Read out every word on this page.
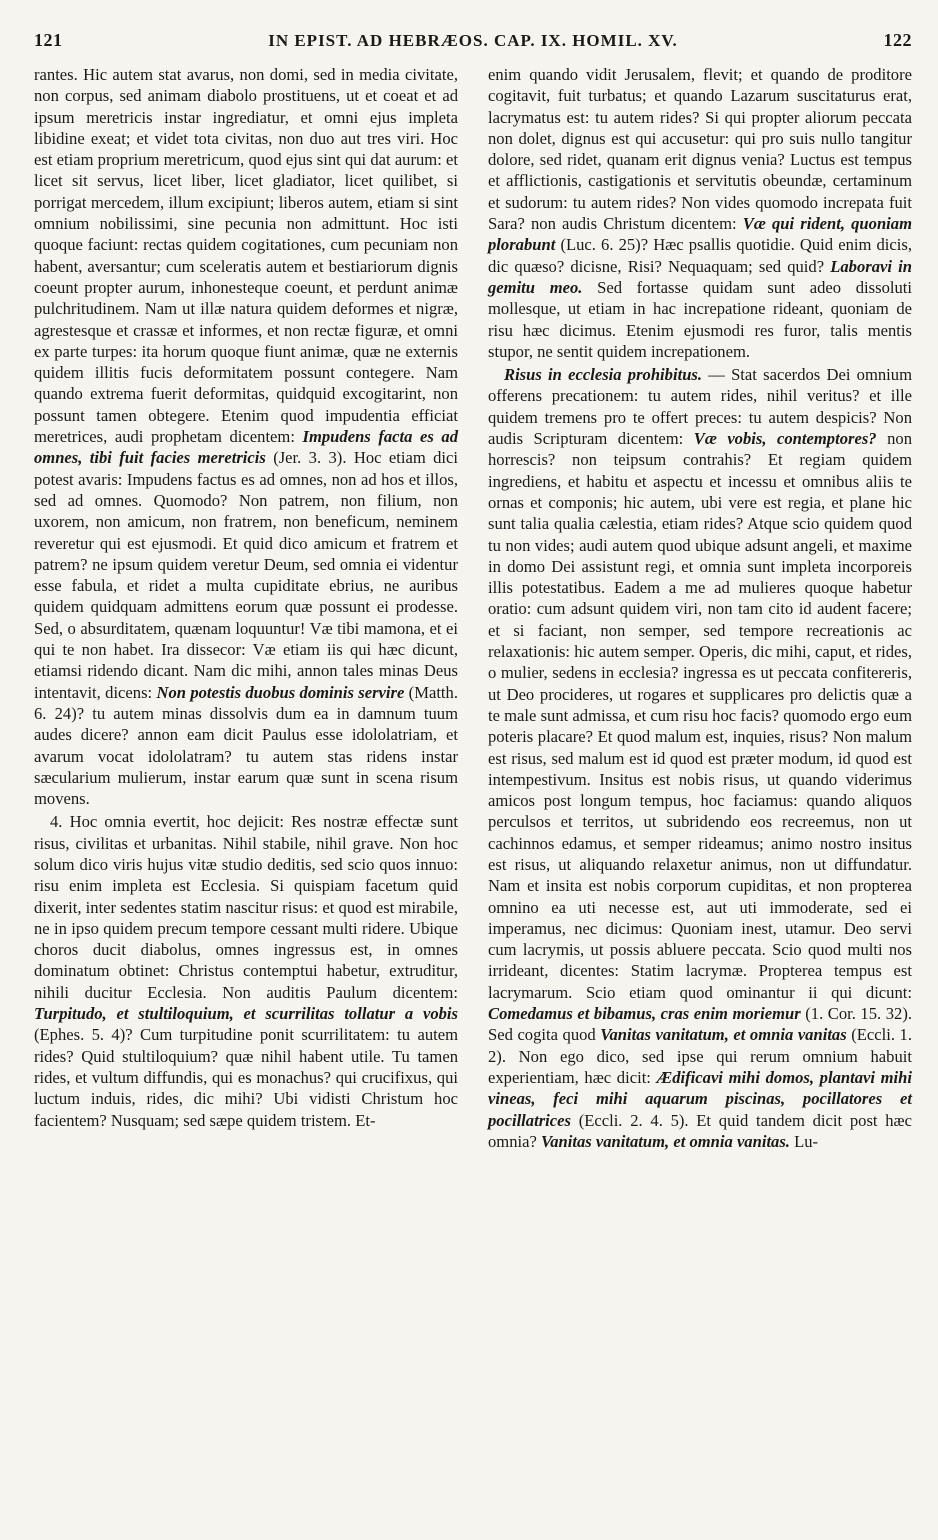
121	IN EPIST. AD HEBRÆOS. CAP. IX. HOMIL. XV.	122

rantes. Hic autem stat avarus, non domi, sed in media civitate, non corpus, sed animam diabolo prostituens, ut et coeat et ad ipsum meretricis instar ingrediatur, et omni ejus impleta libidine exeat; et videt tota civitas, non duo aut tres viri. Hoc est etiam proprium meretricum, quod ejus sint qui dat aurum: et licet sit servus, licet liber, licet gladiator, licet quilibet, si porrigat mercedem, illum excipiunt; liberos autem, etiam si sint omnium nobilissimi, sine pecunia non admittunt. Hoc isti quoque faciunt: rectas quidem cogitationes, cum pecuniam non habent, aversantur; cum sceleratis autem et bestiariorum dignis coeunt propter aurum, inhonesteque coeunt, et perdunt animæ pulchritudinem. Nam ut illæ natura quidem deformes et nigræ, agrestesque et crassæ et informes, et non rectæ figuræ, et omni ex parte turpes: ita horum quoque fiunt animæ, quæ ne externis quidem illitis fucis deformitatem possunt contegere. Nam quando extrema fuerit deformitas, quidquid excogitarint, non possunt tamen obtegere. Etenim quod impudentia efficiat meretrices, audi prophetam dicentem: Impudens facta es ad omnes, tibi fuit facies meretricis (Jer. 3. 3). Hoc etiam dici potest avaris: Impudens factus es ad omnes, non ad hos et illos, sed ad omnes. Quomodo? Non patrem, non filium, non uxorem, non amicum, non fratrem, non beneficum, neminem reveretur qui est ejusmodi. Et quid dico amicum et fratrem et patrem? ne ipsum quidem veretur Deum, sed omnia ei videntur esse fabula, et ridet a multa cupiditate ebrius, ne auribus quidem quidquam admittens eorum quæ possunt ei prodesse. Sed, o absurditatem, quænam loquuntur! Væ tibi mamona, et ei qui te non habet. Ira dissecor: Væ etiam iis qui hæc dicunt, etiamsi ridendo dicant. Nam dic mihi, annon tales minas Deus intentavit, dicens: Non potestis duobus dominis servire (Matth. 6. 24)? tu autem minas dissolvis dum ea in damnum tuum audes dicere? annon eam dicit Paulus esse idololatriam, et avarum vocat idololatram? tu autem stas ridens instar sæcularium mulierum, instar earum quæ sunt in scena risum movens.

4. Hoc omnia evertit, hoc dejicit: Res nostræ effectæ sunt risus, civilitas et urbanitas. Nihil stabile, nihil grave. Non hoc solum dico viris hujus vitæ studio deditis, sed scio quos innuo: risu enim impleta est Ecclesia. Si quispiam facetum quid dixerit, inter sedentes statim nascitur risus: et quod est mirabile, ne in ipso quidem precum tempore cessant multi ridere. Ubique choros ducit diabolus, omnes ingressus est, in omnes dominatum obtinet: Christus contemptui habetur, extruditur, nihili ducitur Ecclesia. Non auditis Paulum dicentem: Turpitudo, et stultiloquium, et scurrilitas tollatur a vobis (Ephes. 5. 4)? Cum turpitudine ponit scurrilitatem: tu autem rides? Quid stultiloquium? quæ nihil habent utile. Tu tamen rides, et vultum diffundis, qui es monachus? qui crucifixus, qui luctum induis, rides, dic mihi? Ubi vidisti Christum hoc facientem? Nusquam; sed sæpe quidem tristem. Et-

enim quando vidit Jerusalem, flevit; et quando de proditore cogitavit, fuit turbatus; et quando Lazarum suscitaturus erat, lacrymatus est: tu autem rides? Si qui propter aliorum peccata non dolet, dignus est qui accusetur: qui pro suis nullo tangitur dolore, sed ridet, quanam erit dignus venia? Luctus est tempus et afflictionis, castigationis et servitutis obeundæ, certaminum et sudorum: tu autem rides? Non vides quomodo increpata fuit Sara? non audis Christum dicentem: Væ qui rident, quoniam plorabunt (Luc. 6. 25)? Hæc psallis quotidie. Quid enim dicis, dic quæso? dicisne, Risi? Nequaquam; sed quid? Laboravi in gemitu meo. Sed fortasse quidam sunt adeo dissoluti mollesque, ut etiam in hac increpatione rideant, quoniam de risu hæc dicimus. Etenim ejusmodi res furor, talis mentis stupor, ne sentit quidem increpationem.

Risus in ecclesia prohibitus. — Stat sacerdos Dei omnium offerens precationem: tu autem rides, nihil veritus? et ille quidem tremens pro te offert preces: tu autem despicis? Non audis Scripturam dicentem: Væ vobis, contemptores? non horrescis? non teipsum contrahis? Et regiam quidem ingrediens, et habitu et aspectu et incessu et omnibus aliis te ornas et componis; hic autem, ubi vere est regia, et plane hic sunt talia qualia cælestia, etiam rides? Atque scio quidem quod tu non vides; audi autem quod ubique adsunt angeli, et maxime in domo Dei assistunt regi, et omnia sunt impleta incorporeis illis potestatibus. Eadem a me ad mulieres quoque habetur oratio: cum adsunt quidem viri, non tam cito id audent facere; et si faciant, non semper, sed tempore recreationis ac relaxationis: hic autem semper. Operis, dic mihi, caput, et rides, o mulier, sedens in ecclesia? ingressa es ut peccata confitereris, ut Deo procideres, ut rogares et supplicares pro delictis quæ a te male sunt admissa, et cum risu hoc facis? quomodo ergo eum poteris placare? Et quod malum est, inquies, risus? Non malum est risus, sed malum est id quod est præter modum, id quod est intempestivum. Insitus est nobis risus, ut quando viderimus amicos post longum tempus, hoc faciamus: quando aliquos perculsos et territos, ut subridendo eos recreemus, non ut cachinnos edamus, et semper rideamus; animo nostro insitus est risus, ut aliquando relaxetur animus, non ut diffundatur. Nam et insita est nobis corporum cupiditas, et non propterea omnino ea uti necesse est, aut uti immoderate, sed ei imperamus, nec dicimus: Quoniam inest, utamur. Deo servi cum lacrymis, ut possis abluere peccata. Scio quod multi nos irrideant, dicentes: Statim lacrymæ. Propterea tempus est lacrymarum. Scio etiam quod ominantur ii qui dicunt: Comedamus et bibamus, cras enim moriemur (1. Cor. 15. 32). Sed cogita quod Vanitas vanitatum, et omnia vanitas (Eccli. 1. 2). Non ego dico, sed ipse qui rerum omnium habuit experientiam, hæc dicit: Ædificavi mihi domos, plantavi mihi vineas, feci mihi aquarum piscinas, pocillatores et pocillatrices (Eccli. 2. 4. 5). Et quid tandem dicit post hæc omnia? Vanitas vanitatum, et omnia vanitas. Lu-
